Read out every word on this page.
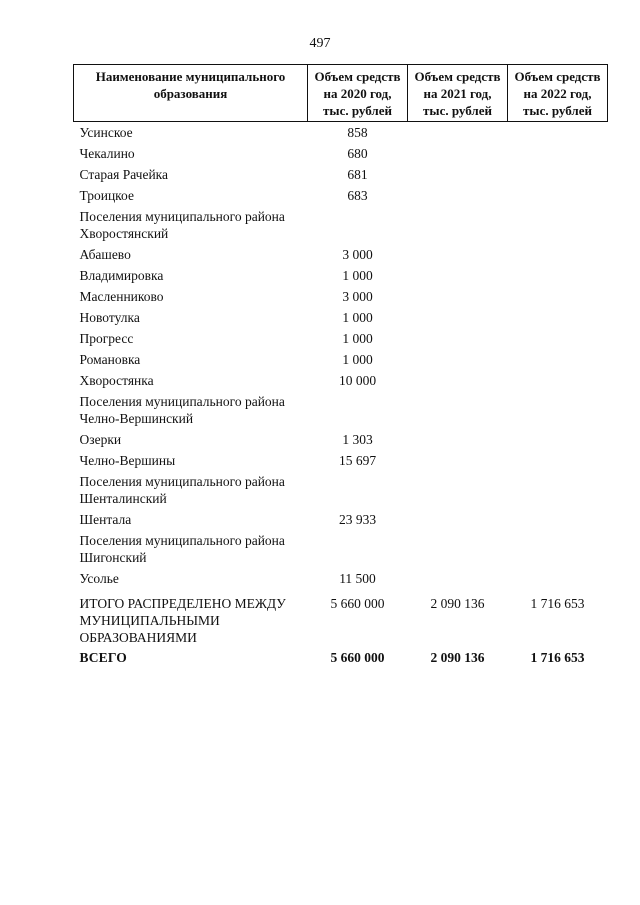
497
Наименование муниципального образования	Объем средств на 2020 год, тыс. рублей	Объем средств на 2021 год, тыс. рублей	Объем средств на 2022 год, тыс. рублей
Усинское	858		
Чекалино	680		
Старая Рачейка	681		
Троицкое	683		
Поселения муниципального района Хворостянский			
Абашево	3 000		
Владимировка	1 000		
Масленниково	3 000		
Новотулка	1 000		
Прогресс	1 000		
Романовка	1 000		
Хворостянка	10 000		
Поселения муниципального района Челно-Вершинский			
Озерки	1 303		
Челно-Вершины	15 697		
Поселения муниципального района Шенталинский			
Шентала	23 933		
Поселения муниципального района Шигонский			
Усолье	11 500		
ИТОГО РАСПРЕДЕЛЕНО МЕЖДУ МУНИЦИПАЛЬНЫМИ ОБРАЗОВАНИЯМИ	5 660 000	2 090 136	1 716 653
ВСЕГО	5 660 000	2 090 136	1 716 653
